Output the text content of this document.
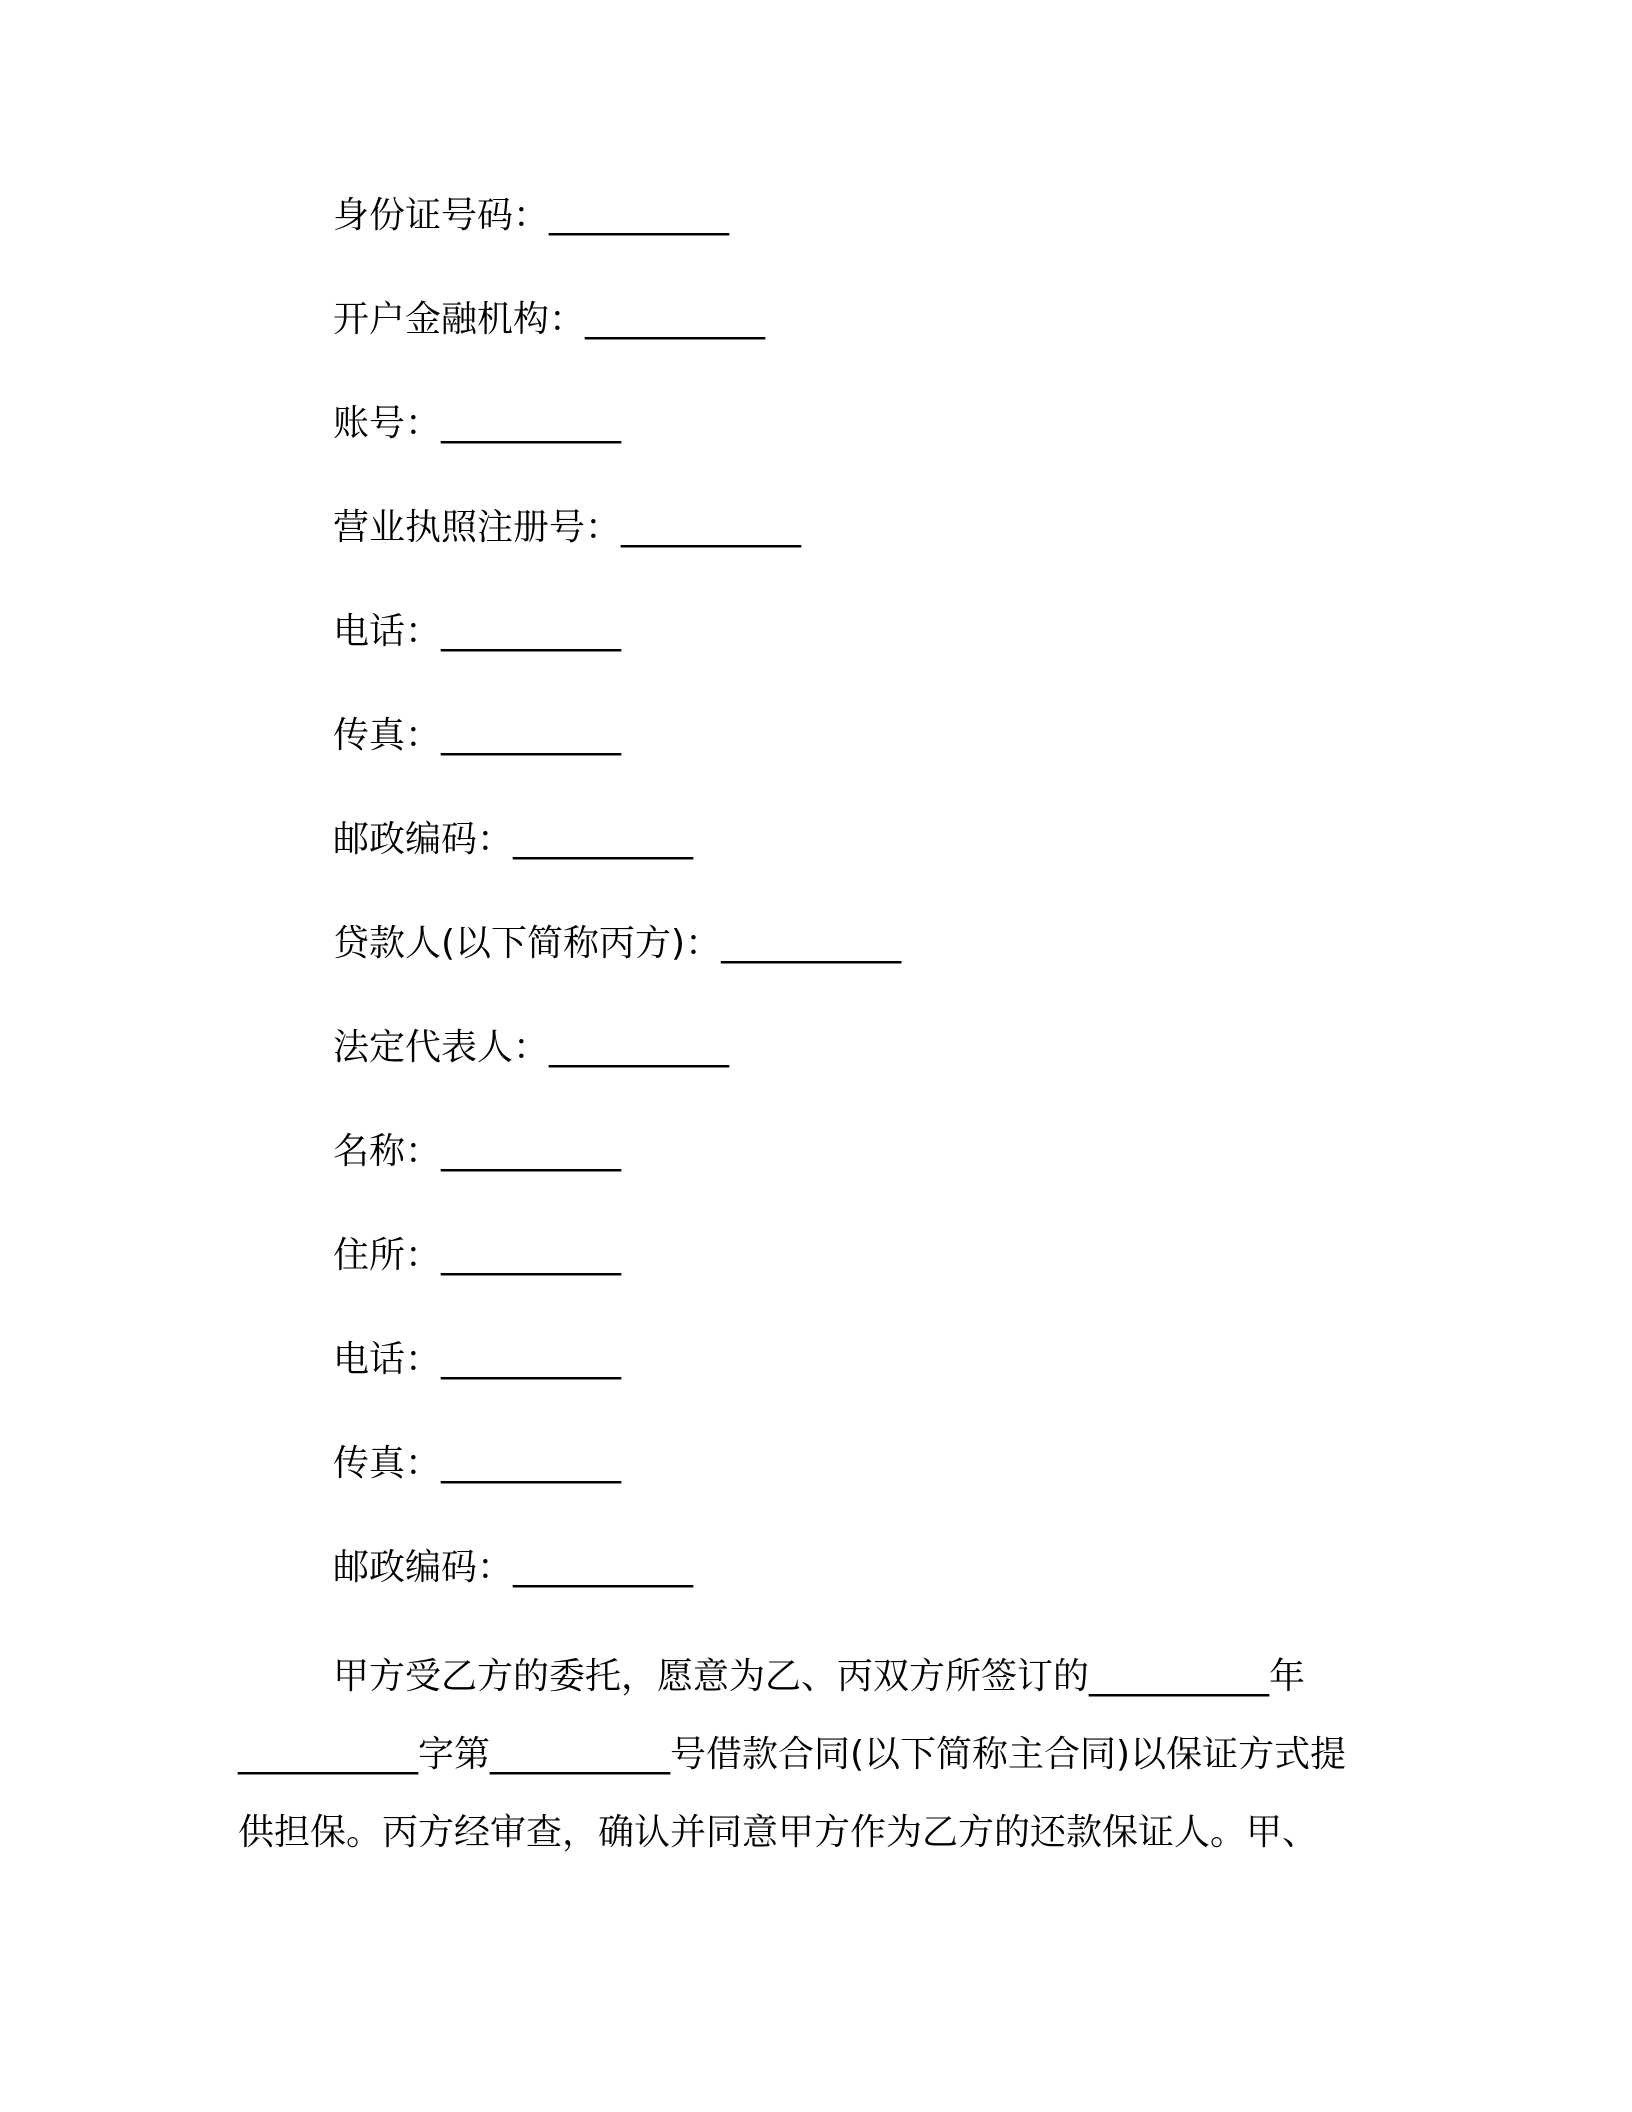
身份证号码：__________
开户金融机构：__________
账号：__________
营业执照注册号：__________
电话：__________
传真：__________
邮政编码：__________
贷款人(以下简称丙方)：__________
法定代表人：__________
名称：__________
住所：__________
电话：__________
传真：__________
邮政编码：__________
甲方受乙方的委托，愿意为乙、丙双方所签订的__________年
__________字第__________号借款合同(以下简称主合同)以保证方式提
供担保。丙方经审查，确认并同意甲方作为乙方的还款保证人。甲、
